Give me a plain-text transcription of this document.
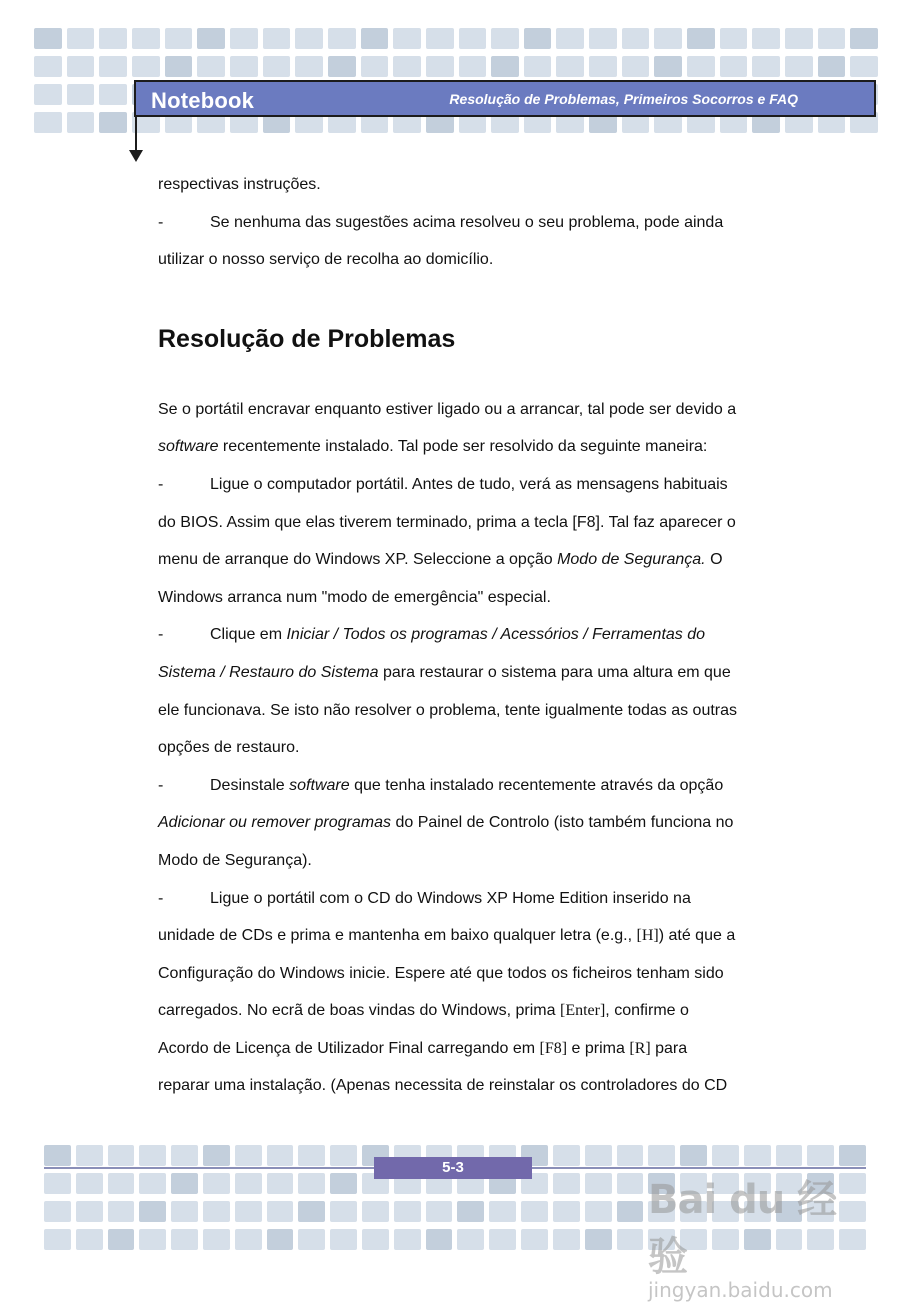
Notebook	Resolução de Problemas, Primeiros Socorros e FAQ
respectivas instruções.
-	Se nenhuma das sugestões acima resolveu o seu problema, pode ainda
utilizar o nosso serviço de recolha ao domicílio.
Resolução de Problemas
Se o portátil encravar enquanto estiver ligado ou a arrancar, tal pode ser devido a
software recentemente instalado. Tal pode ser resolvido da seguinte maneira:
-	Ligue o computador portátil. Antes de tudo, verá as mensagens habituais
do BIOS. Assim que elas tiverem terminado, prima a tecla [F8]. Tal faz aparecer o
menu de arranque do Windows XP. Seleccione a opção Modo de Segurança. O
Windows arranca num "modo de emergência" especial.
-	Clique em Iniciar / Todos os programas / Acessórios / Ferramentas do
Sistema / Restauro do Sistema para restaurar o sistema para uma altura em que
ele funcionava. Se isto não resolver o problema, tente igualmente todas as outras
opções de restauro.
-	Desinstale software que tenha instalado recentemente através da opção
Adicionar ou remover programas do Painel de Controlo (isto também funciona no
Modo de Segurança).
-	Ligue o portátil com o CD do Windows XP Home Edition inserido na
unidade de CDs e prima e mantenha em baixo qualquer letra (e.g., [H]) até que a
Configuração do Windows inicie. Espere até que todos os ficheiros tenham sido
carregados. No ecrã de boas vindas do Windows, prima [Enter], confirme o
Acordo de Licença de Utilizador Final carregando em [F8] e prima [R] para
reparar uma instalação. (Apenas necessita de reinstalar os controladores do CD
5-3
Bai du 经验
jingyan.baidu.com
